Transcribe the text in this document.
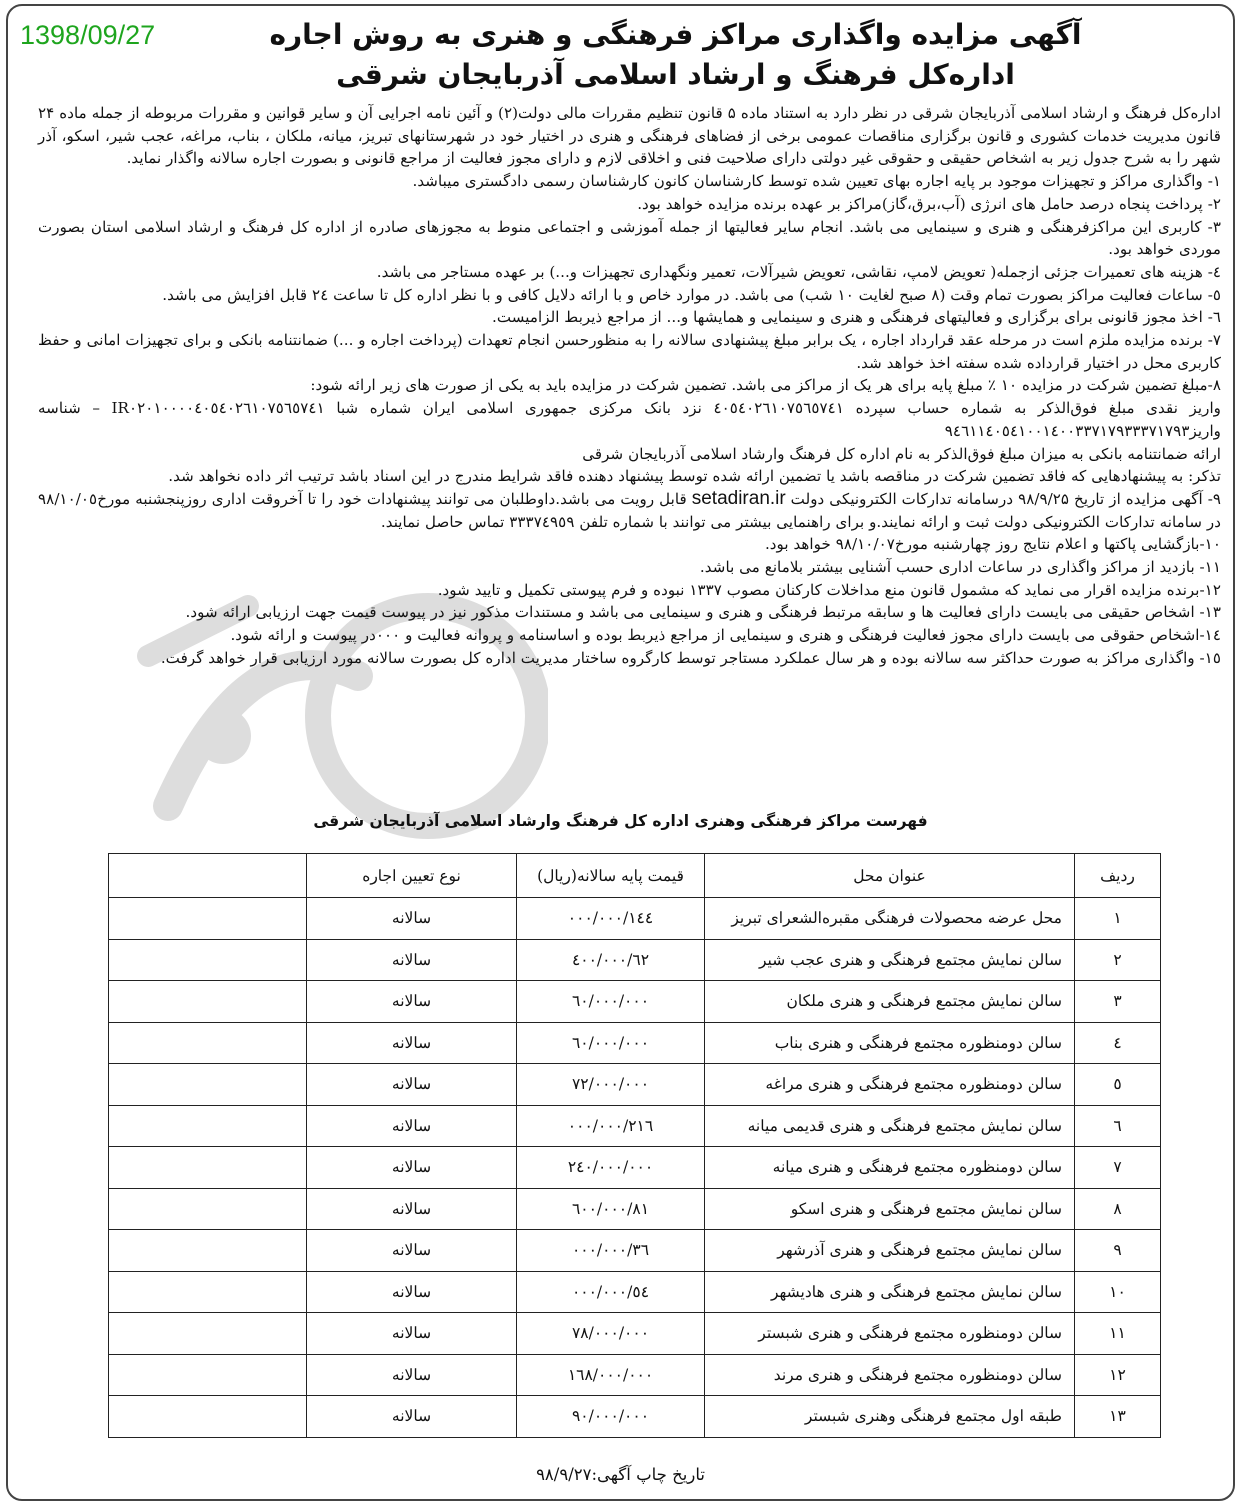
1398/09/27	آگهی مزایده واگذاری مراکز فرهنگی و هنری به روش اجاره
اداره‌کل فرهنگ و ارشاد اسلامی آذربایجان شرقی

اداره‌کل فرهنگ و ارشاد اسلامی آذربایجان شرقی در نظر دارد به استناد ماده ۵ قانون تنظیم مقررات مالی دولت(۲) و آئین نامه اجرایی آن و سایر قوانین و مقررات مربوطه از جمله ماده ۲۴ قانون مدیریت خدمات کشوری و قانون برگزاری مناقصات عمومی برخی از فضاهای فرهنگی و هنری در اختیار خود در شهرستانهای تبریز، میانه، ملکان ، بناب، مراغه، عجب شیر، اسکو، آذر شهر را به شرح جدول زیر به اشخاص حقیقی و حقوقی غیر دولتی دارای صلاحیت فنی و اخلاقی لازم و دارای مجوز فعالیت از مراجع قانونی و بصورت اجاره سالانه واگذار نماید.

۱- واگذاری مراکز و تجهیزات موجود بر پایه اجاره بهای تعیین شده توسط کارشناسان کانون کارشناسان رسمی دادگستری میباشد.

۲- پرداخت پنجاه درصد حامل های انرژی (آب،برق،گاز)مراکز بر عهده برنده مزایده خواهد بود.

۳- کاربری این مراکزفرهنگی و هنری و سینمایی می باشد. انجام سایر فعالیتها از جمله آموزشی و اجتماعی منوط به مجوزهای صادره از اداره کل فرهنگ و ارشاد اسلامی استان بصورت موردی خواهد بود.

٤- هزینه های تعمیرات جزئی ازجمله( تعویض لامپ، نقاشی، تعویض شیرآلات، تعمیر ونگهداری تجهیزات و...) بر عهده مستاجر می باشد.

٥- ساعات فعالیت مراکز بصورت تمام وقت (۸ صبح لغایت ۱۰ شب) می باشد. در موارد خاص و با ارائه دلایل کافی و با نظر اداره کل تا ساعت ۲٤ قابل افزایش می باشد.

٦- اخذ مجوز قانونی برای برگزاری و فعالیتهای فرهنگی و هنری و سینمایی و همایشها و... از مراجع ذیربط الزامیست.

۷- برنده مزایده ملزم است در مرحله عقد قرارداد اجاره ، یک برابر مبلغ پیشنهادی سالانه را به منظورحسن انجام تعهدات (پرداخت اجاره و ...) ضمانتنامه بانکی و برای تجهیزات امانی و حفظ کاربری محل در اختیار قرارداده شده سفته اخذ خواهد شد.

۸-مبلغ تضمین شرکت در مزایده ۱۰ ٪ مبلغ پایه برای هر یک از مراکز می باشد. تضمین شرکت در مزایده باید به یکی از صورت های زیر ارائه شود:

واریز نقدی مبلغ فوق‌الذکر به شماره حساب سپرده ٤٠٥٤٠٢٦١٠٧٥٦٥٧٤١ نزد بانک مرکزی جمهوری اسلامی ایران شماره شبا IR۰۲۰۱۰۰۰۰٤٠٥٤٠٢٦١٠٧٥٦٥٧٤١ – شناسه واریز۹٤٦١١٤٠٥٤١٠٠١٤٠٠٣٣٧١٧۹٣٣٣٧١٧۹٣

ارائه ضمانتنامه بانکی به میزان مبلغ فوق‌الذکر به نام اداره کل فرهنگ وارشاد اسلامی آذربایجان شرقی

تذکر: به پیشنهادهایی که فاقد تضمین شرکت در مناقصه باشد یا تضمین ارائه شده توسط پیشنهاد دهنده فاقد شرایط مندرج در این اسناد باشد ترتیب اثر داده نخواهد شد.

۹- آگهی مزایده از تاریخ ۹۸/۹/۲۵ درسامانه تدارکات الکترونیکی دولت setadiran.ir قابل رویت می باشد.داوطلبان می توانند پیشنهادات خود را تا آخروقت اداری روزپنجشنبه مورخ۹۸/۱۰/۰٥ در سامانه تدارکات الکترونیکی دولت ثبت و ارائه نمایند.و برای راهنمایی بیشتر می توانند با شماره تلفن ۳۳۳۷٤۹٥۹ تماس حاصل نمایند.

۱۰-بازگشایی پاکتها و اعلام نتایج روز چهارشنبه مورخ۹۸/۱۰/۰۷ خواهد بود.

۱۱- بازدید از مراکز واگذاری در ساعات اداری حسب آشنایی بیشتر بلامانع می باشد.

۱۲-برنده مزایده اقرار می نماید که مشمول قانون منع مداخلات کارکنان مصوب ۱۳۳۷ نبوده و فرم پیوستی تکمیل و تایید شود.

۱۳- اشخاص حقیقی می بایست دارای فعالیت ها و سابقه مرتبط فرهنگی و هنری و سینمایی می باشد و مستندات مذکور نیز در پیوست قیمت جهت ارزیابی ارائه شود.

۱٤-اشخاص حقوقی می بایست دارای مجوز فعالیت فرهنگی و هنری و سینمایی از مراجع ذیربط بوده و اساسنامه و پروانه فعالیت و ۰۰۰در پیوست و ارائه شود.

۱٥- واگذاری مراکز به صورت حداکثر سه سالانه بوده و هر سال عملکرد مستاجر توسط کارگروه ساختار مدیریت اداره کل بصورت سالانه مورد ارزیابی قرار خواهد گرفت.

فهرست مراکز فرهنگی وهنری اداره کل فرهنگ وارشاد اسلامی آذربایجان شرقی
ردیف	عنوان محل	قیمت پایه سالانه(ریال)	نوع تعیین اجاره	
۱	محل عرضه محصولات فرهنگی مقبره‌الشعرای تبریز	۱٤٤/۰۰۰/۰۰۰	سالانه	
۲	سالن نمایش مجتمع فرهنگی و هنری عجب شیر	٦۲/٤۰۰/۰۰۰	سالانه	
۳	سالن نمایش مجتمع فرهنگی و هنری ملکان	٦۰/۰۰۰/۰۰۰	سالانه	
٤	سالن دومنظوره مجتمع فرهنگی و هنری بناب	٦۰/۰۰۰/۰۰۰	سالانه	
٥	سالن دومنظوره مجتمع فرهنگی و هنری مراغه	۷۲/۰۰۰/۰۰۰	سالانه	
٦	سالن نمایش مجتمع فرهنگی و هنری قدیمی میانه	۲۱٦/۰۰۰/۰۰۰	سالانه	
۷	سالن دومنظوره مجتمع فرهنگی و هنری میانه	۲٤۰/۰۰۰/۰۰۰	سالانه	
۸	سالن نمایش مجتمع فرهنگی و هنری اسکو	۸۱/٦۰۰/۰۰۰	سالانه	
۹	سالن نمایش مجتمع فرهنگی و هنری آذرشهر	۳٦/۰۰۰/۰۰۰	سالانه	
۱۰	سالن نمایش مجتمع فرهنگی و هنری هادیشهر	٥٤/۰۰۰/۰۰۰	سالانه	
۱۱	سالن دومنظوره مجتمع فرهنگی و هنری شبستر	۷۸/۰۰۰/۰۰۰	سالانه	
۱۲	سالن دومنظوره مجتمع فرهنگی و هنری مرند	۱٦۸/۰۰۰/۰۰۰	سالانه	
۱۳	طبقه اول مجتمع فرهنگی وهنری شبستر	۹۰/۰۰۰/۰۰۰	سالانه	
تاریخ چاپ آگهی:۹۸/۹/۲۷
